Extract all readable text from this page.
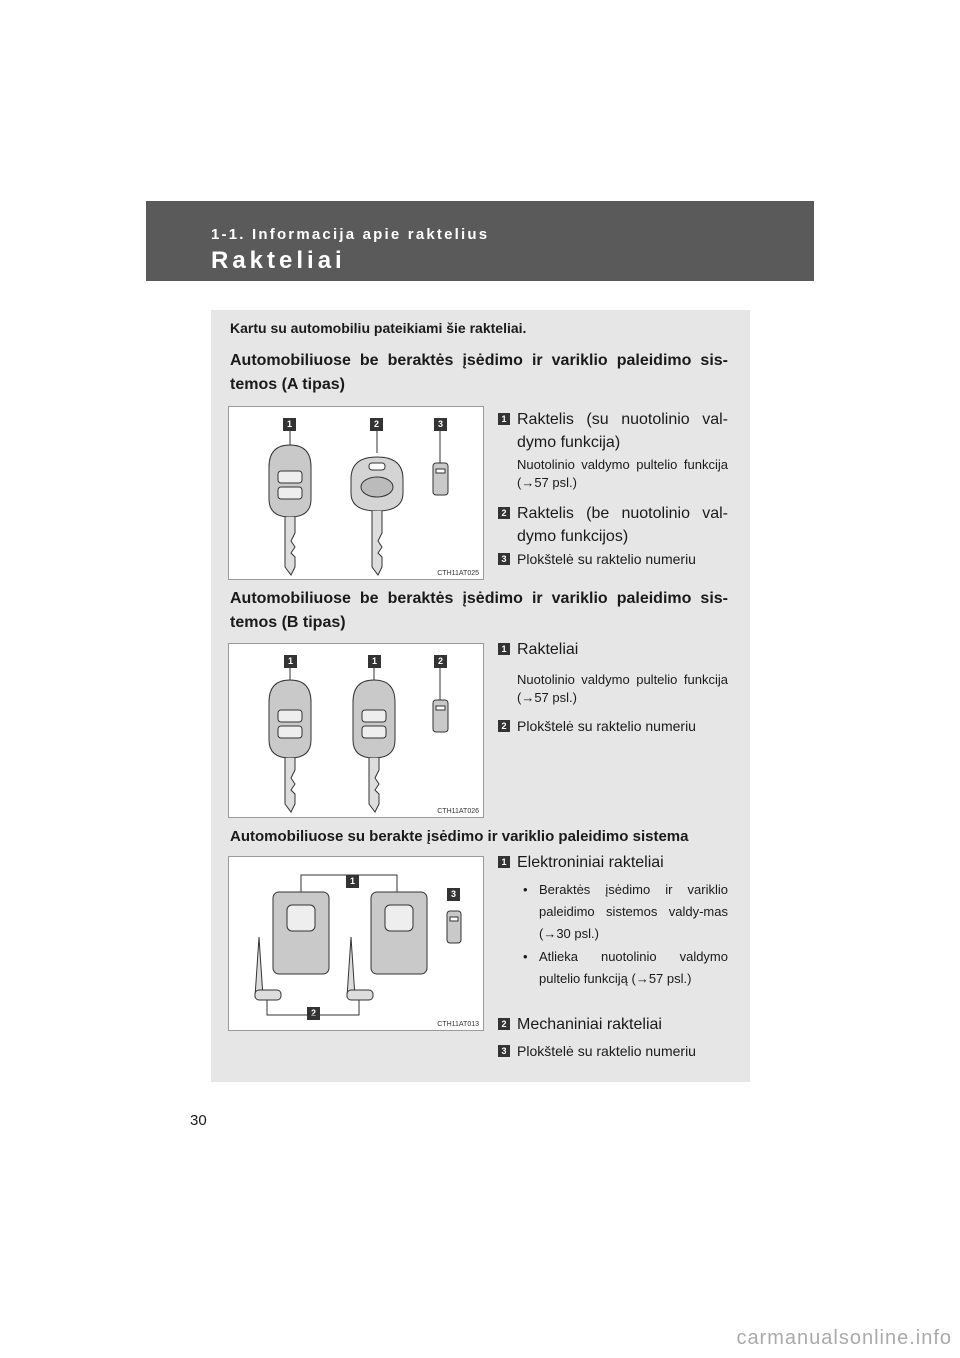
1-1. Informacija apie raktelius
Rakteliai
Kartu su automobiliu pateikiami šie rakteliai.
Automobiliuose be beraktės įsėdimo ir variklio paleidimo sis-temos (A tipas)
1	2	3
CTH11AT025
1 Raktelis (su nuotolinio val-dymo funkcija)
Nuotolinio valdymo pultelio funkcija (→57 psl.)
2 Raktelis (be nuotolinio val-dymo funkcijos)
3 Plokštelė su raktelio numeriu
Automobiliuose be beraktės įsėdimo ir variklio paleidimo sis-temos (B tipas)
1	1	2
CTH11AT026
1 Rakteliai
Nuotolinio valdymo pultelio funkcija (→57 psl.)
2 Plokštelė su raktelio numeriu
Automobiliuose su berakte įsėdimo ir variklio paleidimo sistema
1
3
2
CTH11AT013
1 Elektroniniai rakteliai
• Beraktės įsėdimo ir variklio paleidimo sistemos valdy-mas (→30 psl.)
• Atlieka nuotolinio valdymo pultelio funkciją (→57 psl.)
2 Mechaniniai rakteliai
3 Plokštelė su raktelio numeriu
30
carmanualsonline.info
